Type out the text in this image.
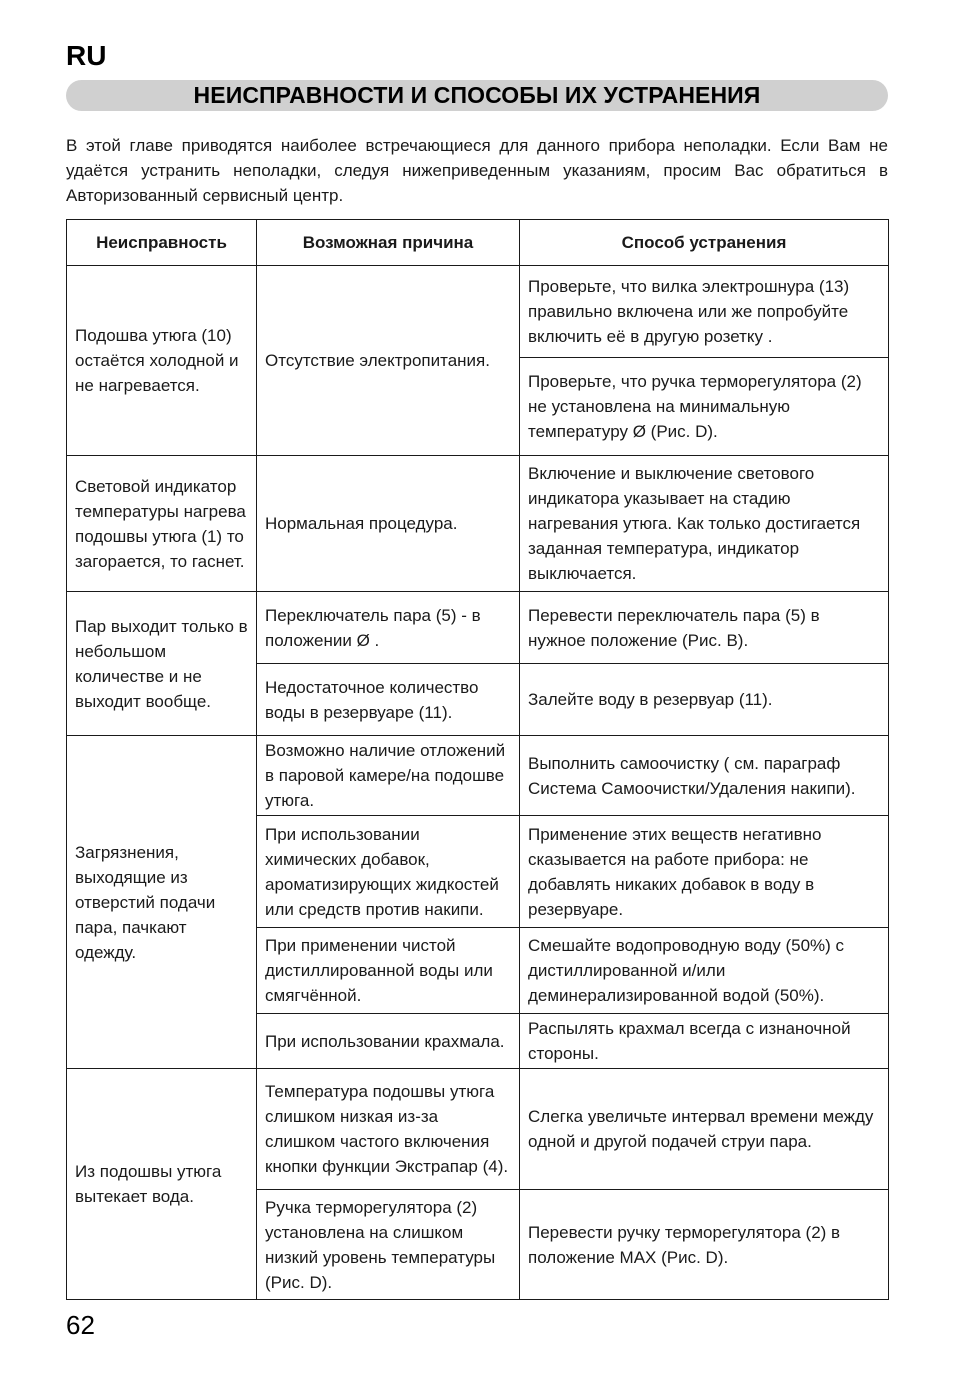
RU
НЕИСПРАВНОСТИ И СПОСОБЫ ИХ УСТРАНЕНИЯ

В этой главе приводятся наиболее встречающиеся для данного прибора неполадки. Если Вам не удаётся устранить неполадки, следуя нижеприведенным указаниям, просим Вас обратиться в Авторизованный сервисный центр.

Неисправность	Возможная причина	Способ устранения
Подошва утюга (10) остаётся холодной и не нагревается.	Отсутствие электропитания.	Проверьте, что вилка электрошнура (13) правильно включена или же попробуйте включить её в другую розетку .
		Проверьте, что ручка терморегулятора (2) не установлена на минимальную температуру Ø (Рис. D).
Световой индикатор температуры нагрева подошвы утюга (1) то загорается, то гаснет.	Нормальная процедура.	Включение и выключение светового индикатора указывает на стадию нагревания утюга. Как только достигается заданная температура, индикатор выключается.
Пар выходит только в небольшом количестве и не выходит вообще.	Переключатель пара (5) - в положении Ø .	Перевести переключатель пара (5) в нужное положение (Рис. В).
	Недостаточное количество воды в резервуаре (11).	Залейте воду в резервуар (11).
Загрязнения, выходящие из отверстий подачи пара, пачкают одежду.	Возможно наличие отложений в паровой камере/на подошве утюга.	Выполнить самоочистку ( см. параграф Система Самоочистки/Удаления накипи).
	При использовании химических добавок, ароматизирующих жидкостей или средств против накипи.	Применение этих веществ негативно сказывается на работе прибора: не добавлять никаких добавок в воду в резервуаре.
	При применении чистой дистиллированной воды или смягчённой.	Смешайте водопроводную воду (50%) с дистиллированной и/или деминерализированной водой (50%).
	При использовании крахмала.	Распылять крахмал всегда с изнаночной стороны.
Из подошвы утюга вытекает вода.	Температура подошвы утюга слишком низкая из-за слишком частого включения кнопки функции Экстрапар (4).	Слегка увеличьте интервал времени между одной и другой подачей струи пара.
	Ручка терморегулятора (2) установлена на слишком низкий уровень температуры (Рис. D).	Перевести ручку терморегулятора (2) в положение MAX (Рис. D).
62
